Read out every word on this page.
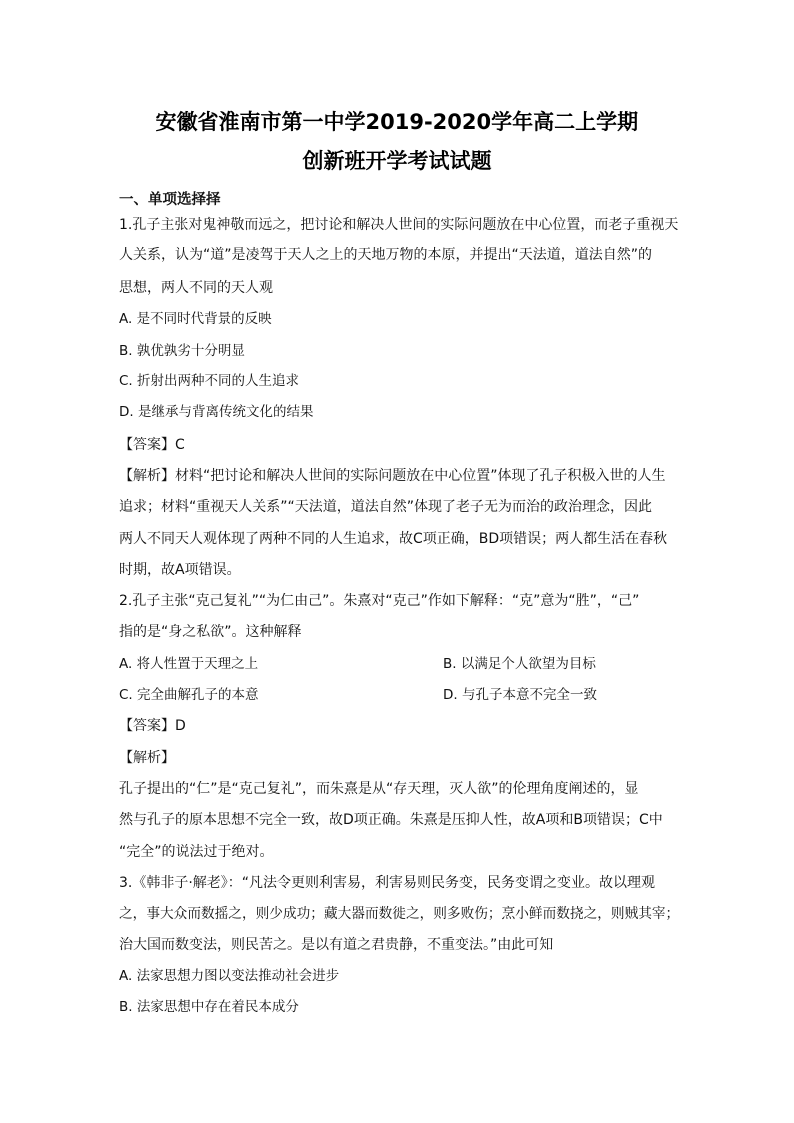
安徽省淮南市第一中学2019-2020学年高二上学期
创新班开学考试试题
一、单项选择择
1.孔子主张对鬼神敬而远之，把讨论和解决人世间的实际问题放在中心位置，而老子重视天
人关系，认为“道”是凌驾于天人之上的天地万物的本原，并提出“天法道，道法自然”的
思想，两人不同的天人观
A. 是不同时代背景的反映
B. 孰优孰劣十分明显
C. 折射出两种不同的人生追求
D. 是继承与背离传统文化的结果
【答案】C
【解析】材料“把讨论和解决人世间的实际问题放在中心位置”体现了孔子积极入世的人生
追求；材料“重视天人关系”“天法道，道法自然”体现了老子无为而治的政治理念，因此
两人不同天人观体现了两种不同的人生追求，故C项正确，BD项错误；两人都生活在春秋
时期，故A项错误。
2.孔子主张“克己复礼”“为仁由己”。朱熹对“克己”作如下解释：“克”意为“胜”，“己”
指的是“身之私欲”。这种解释
A. 将人性置于天理之上	B. 以满足个人欲望为目标
C. 完全曲解孔子的本意	D. 与孔子本意不完全一致
【答案】D
【解析】
孔子提出的“仁”是“克己复礼”，而朱熹是从“存天理，灭人欲”的伦理角度阐述的，显
然与孔子的原本思想不完全一致，故D项正确。朱熹是压抑人性，故A项和B项错误；C中
“完全”的说法过于绝对。
3.《韩非子·解老》：“凡法令更则利害易，利害易则民务变，民务变谓之变业。故以理观
之，事大众而数摇之，则少成功；藏大器而数徙之，则多败伤；烹小鲜而数挠之，则贼其宰；
治大国而数变法，则民苦之。是以有道之君贵静，不重变法。”由此可知
A. 法家思想力图以变法推动社会进步
B. 法家思想中存在着民本成分
